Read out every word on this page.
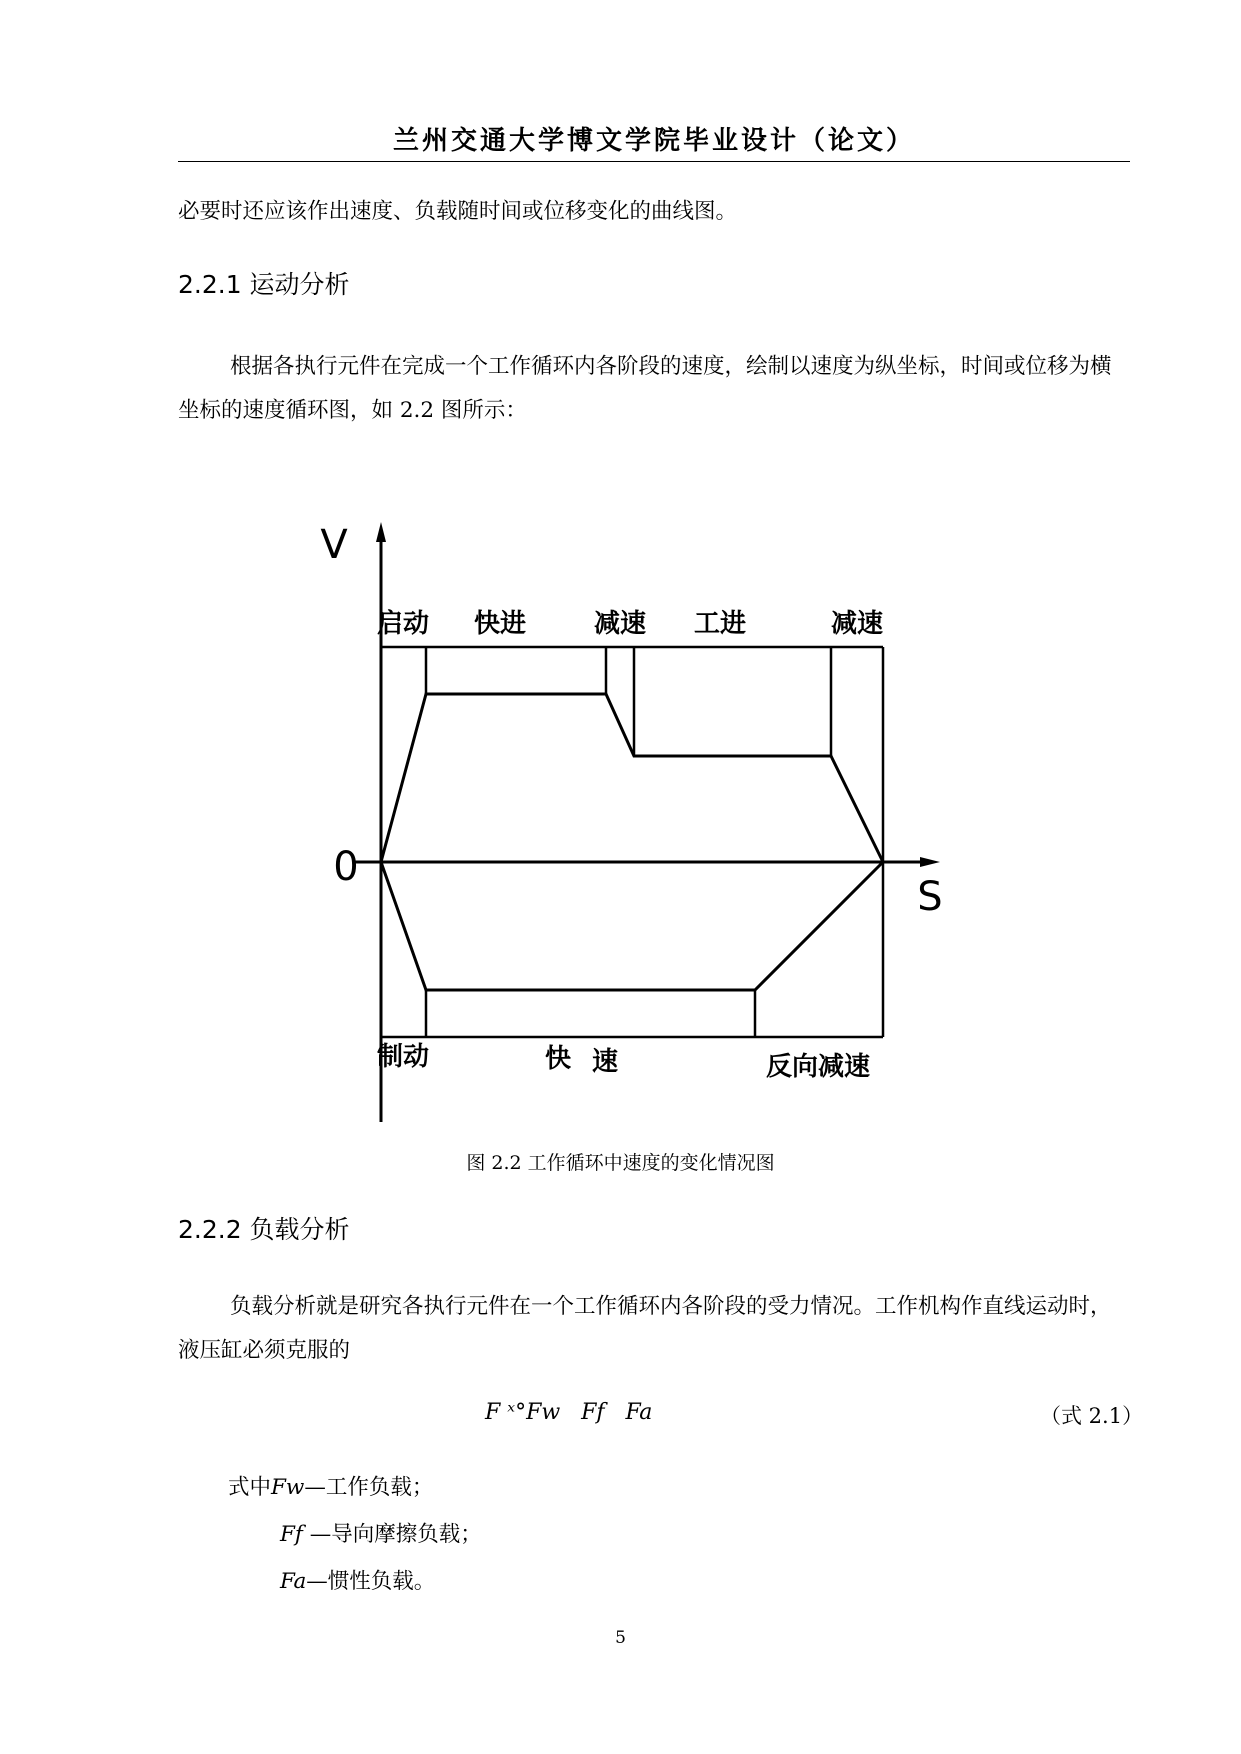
兰州交通大学博文学院毕业设计（论文）

必要时还应该作出速度、负载随时间或位移变化的曲线图。

2.2.1 运动分析

根据各执行元件在完成一个工作循环内各阶段的速度，绘制以速度为纵坐标，时间或位移为横坐标的速度循环图，如 2.2 图所示：

V
S
0
启动 快进	减速 工进	减速
制动	快 速	反向减速
图 2.2 工作循环中速度的变化情况图
2.2.2 负载分析

负载分析就是研究各执行元件在一个工作循环内各阶段的受力情况。工作机构作直线运动时，液压缸必须克服的

F ˣ°Fw   Ff   Fa	（式 2.1）
式中Fw—工作负载；
Ff —导向摩擦负载；
Fa—惯性负载。
5
